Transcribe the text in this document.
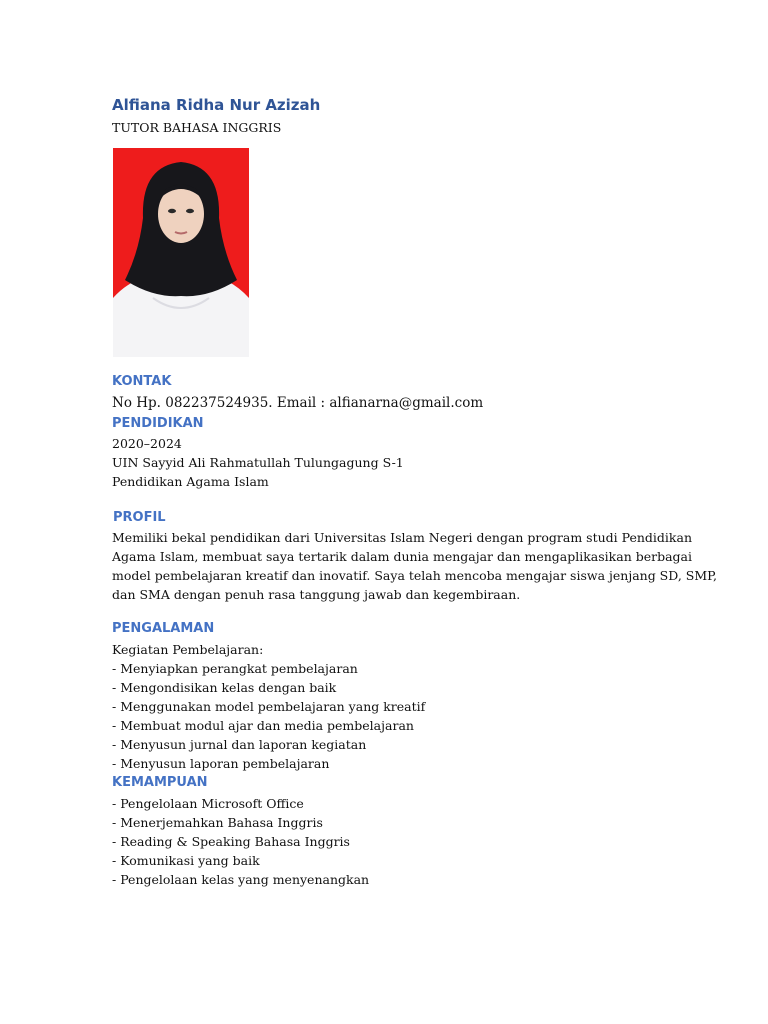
Alfiana Ridha Nur Azizah
TUTOR BAHASA INGGRIS
KONTAK
No Hp. 082237524935. Email : alfianarna@gmail.com
PENDIDIKAN
2020–2024
UIN Sayyid Ali Rahmatullah Tulungagung S-1
Pendidikan Agama Islam
PROFIL
Memiliki bekal pendidikan dari Universitas Islam Negeri dengan program studi Pendidikan
Agama Islam, membuat saya tertarik dalam dunia mengajar dan mengaplikasikan berbagai
model pembelajaran kreatif dan inovatif. Saya telah mencoba mengajar siswa jenjang SD, SMP,
dan SMA dengan penuh rasa tanggung jawab dan kegembiraan.
PENGALAMAN
Kegiatan Pembelajaran:
- Menyiapkan perangkat pembelajaran
- Mengondisikan kelas dengan baik
- Menggunakan model pembelajaran yang kreatif
- Membuat modul ajar dan media pembelajaran
- Menyusun jurnal dan laporan kegiatan
- Menyusun laporan pembelajaran
KEMAMPUAN
- Pengelolaan Microsoft Office
- Menerjemahkan Bahasa Inggris
- Reading & Speaking Bahasa Inggris
- Komunikasi yang baik
- Pengelolaan kelas yang menyenangkan
